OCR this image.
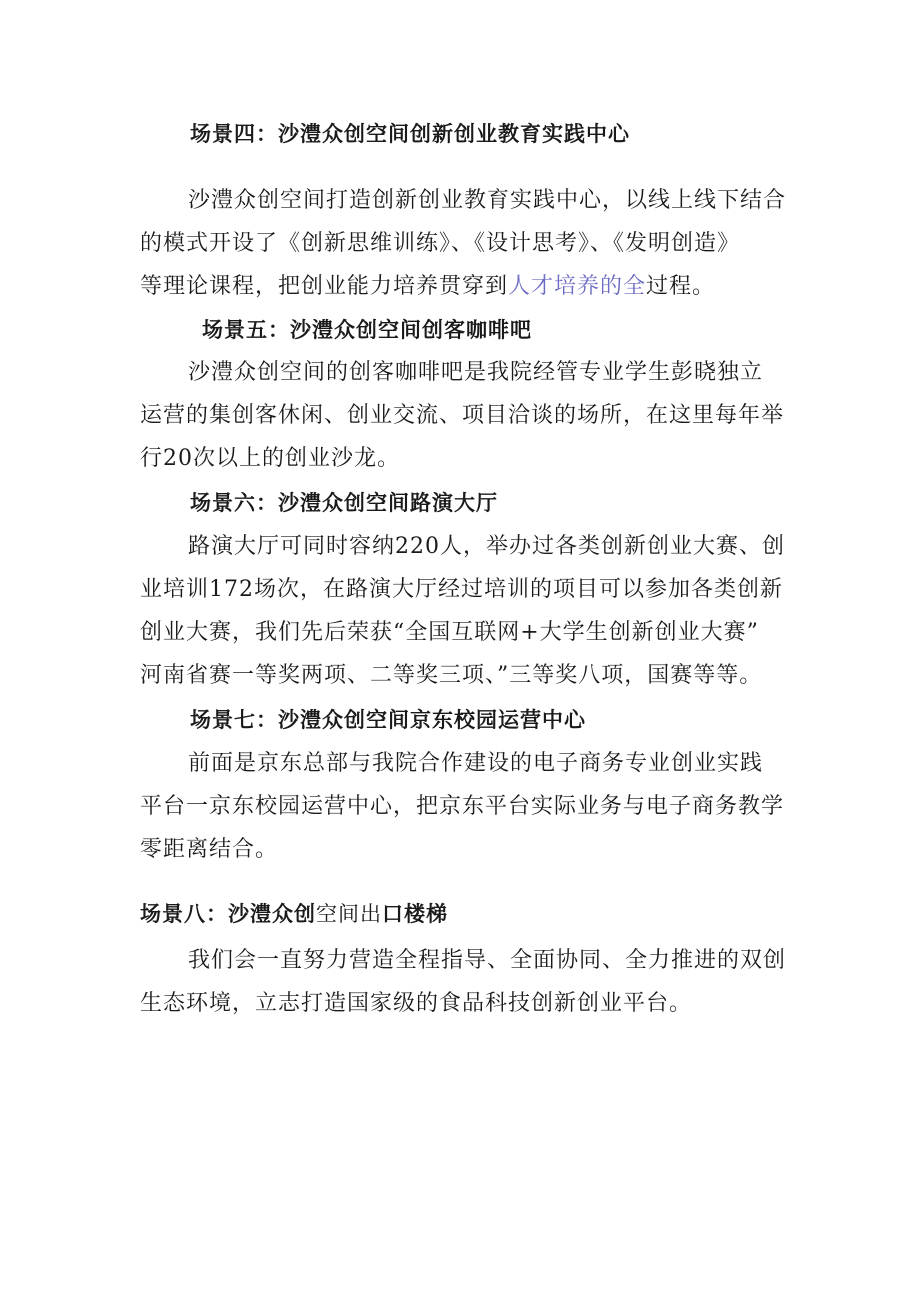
场景四：沙澧众创空间创新创业教育实践中心
沙澧众创空间打造创新创业教育实践中心，以线上线下结合
的模式开设了《创新思维训练》、《设计思考》、《发明创造》
等理论课程，把创业能力培养贯穿到人才培养的全过程。
场景五：沙澧众创空间创客咖啡吧
沙澧众创空间的创客咖啡吧是我院经管专业学生彭晓独立
运营的集创客休闲、创业交流、项目洽谈的场所，在这里每年举
行20次以上的创业沙龙。
场景六：沙澧众创空间路演大厅
路演大厅可同时容纳220人，举办过各类创新创业大赛、创
业培训172场次，在路演大厅经过培训的项目可以参加各类创新
创业大赛，我们先后荣获“全国互联网+大学生创新创业大赛”
河南省赛一等奖两项、二等奖三项、”三等奖八项，国赛等等。
场景七：沙澧众创空间京东校园运营中心
前面是京东总部与我院合作建设的电子商务专业创业实践
平台一京东校园运营中心，把京东平台实际业务与电子商务教学
零距离结合。
场景八：沙澧众创空间出口楼梯
我们会一直努力营造全程指导、全面协同、全力推进的双创
生态环境，立志打造国家级的食品科技创新创业平台。
